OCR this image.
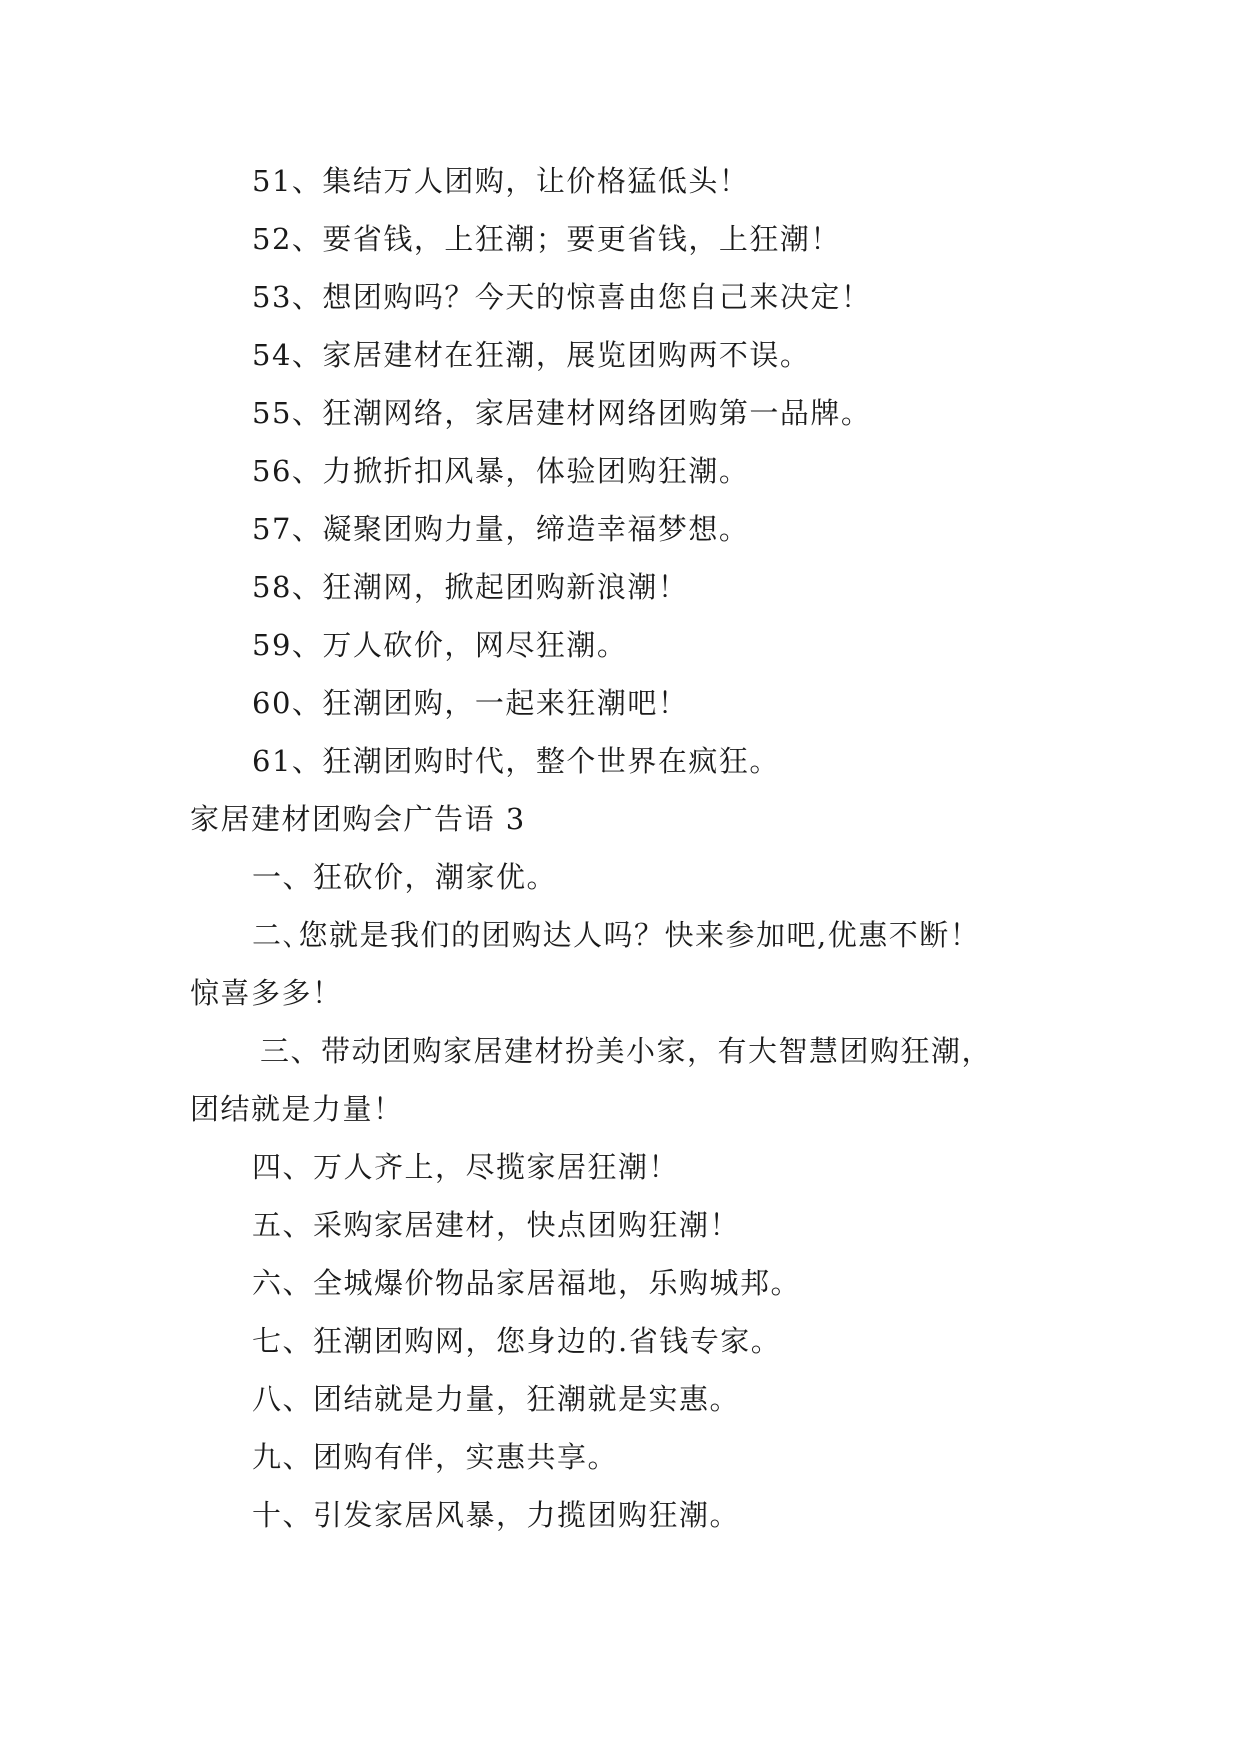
51、集结万人团购，让价格猛低头！
52、要省钱，上狂潮；要更省钱，上狂潮！
53、想团购吗？今天的惊喜由您自己来决定！
54、家居建材在狂潮，展览团购两不误。
55、狂潮网络，家居建材网络团购第一品牌。
56、力掀折扣风暴，体验团购狂潮。
57、凝聚团购力量，缔造幸福梦想。
58、狂潮网，掀起团购新浪潮！
59、万人砍价，网尽狂潮。
60、狂潮团购，一起来狂潮吧！
61、狂潮团购时代，整个世界在疯狂。
家居建材团购会广告语 3
一、狂砍价，潮家优。
二､您就是我们的团购达人吗？快来参加吧,优惠不断！
惊喜多多！
三、带动团购家居建材扮美小家，有大智慧团购狂潮，
团结就是力量！
四、万人齐上，尽揽家居狂潮！
五、采购家居建材，快点团购狂潮！
六、全城爆价物品家居福地，乐购城邦。
七、狂潮团购网，您身边的.省钱专家。
八、团结就是力量，狂潮就是实惠。
九、团购有伴，实惠共享。
十、引发家居风暴，力揽团购狂潮。
